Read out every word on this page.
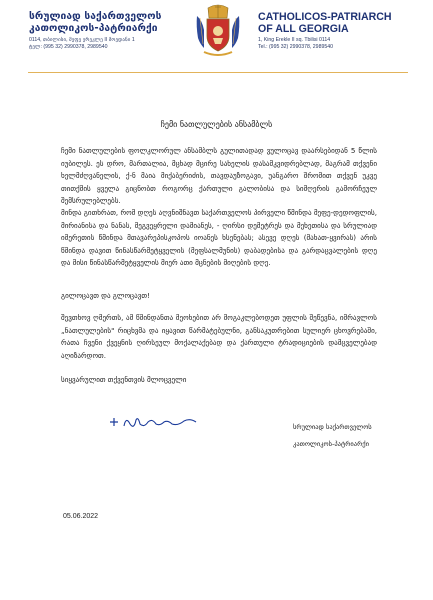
სრულიად საქართველოს
კათოლიკოს-პატრიარქი
0114, თბილისი, მეფე ერეკლე II მოედანი 1
ტელ: (995 32) 2990378, 2989540
CATHOLICOS-PATRIARCH
OF ALL GEORGIA
1, King Erekle II sq. Tbilisi 0114
Tel.: (995 32) 2990378, 2989540
ჩემი ნათლულების ანსამბლს

ჩემი ნათლულების ფოლკლორულ ანსამბლს გულითადად ვულოცავ დაარსებიდან 5 წლის იუბილეს. ეს დრო, მართალია, მცხად მცირე სახელის დასამკვიდრებლად, მაგრამ თქვენი ხელმძღვანელის, ქ-ნ მაია მიქაბერიძის, თავდაუზოგავი, უანგარო შრომით თქვენ უკვე თითქმის ყველა გიცნობთ როგორც ქართული გალობისა და სიმღერის გამორჩეულ შემსრულებლებს.

მინდა გითხრათ, რომ დღეს აღვნიშნავთ საქართველოს პირველი წმინდა მეფე-დედოფლის, მირიანისა და ნანას, მეგვეყრელი დამიანეს, - ღირსი დემეტრეს და მეხეთისა და სრულიად იმერეთის წმინდა მთავარეპისკოპოს იოანეს ხსენებას; ასევე დღეს (მახათ-ყვირას) არის წმინდა დავით წინასწარმეტყველის (მეფსალმუნის) დაბადებისა და გარდაცვალების დღე და მისი წინასწარმეტყველის მიერ ათი მცნების მიღების დღე.

გილოცავთ და გლოცავთ!

შევთხოვ ღმერთს, ამ წმინდანთა მეოხებით არ მოგაკლებოდეთ უფლის შეწევნა, იმრავლოს „ნათლულების" რიცხვმა და იყავით წარმატებულნი, განსაკუთრებით სულიერ ცხოვრებაში, რათა ჩვენი ქვეყნის ღირსეულ მოქალაქებად და ქართული ტრადიციების დამცველებად აღიზარდოთ.

სიყვარულით თქვენთვის მლოცველი

სრულიად საქართველოს
კათოლიკოს-პატრიარქი
05.06.2022
